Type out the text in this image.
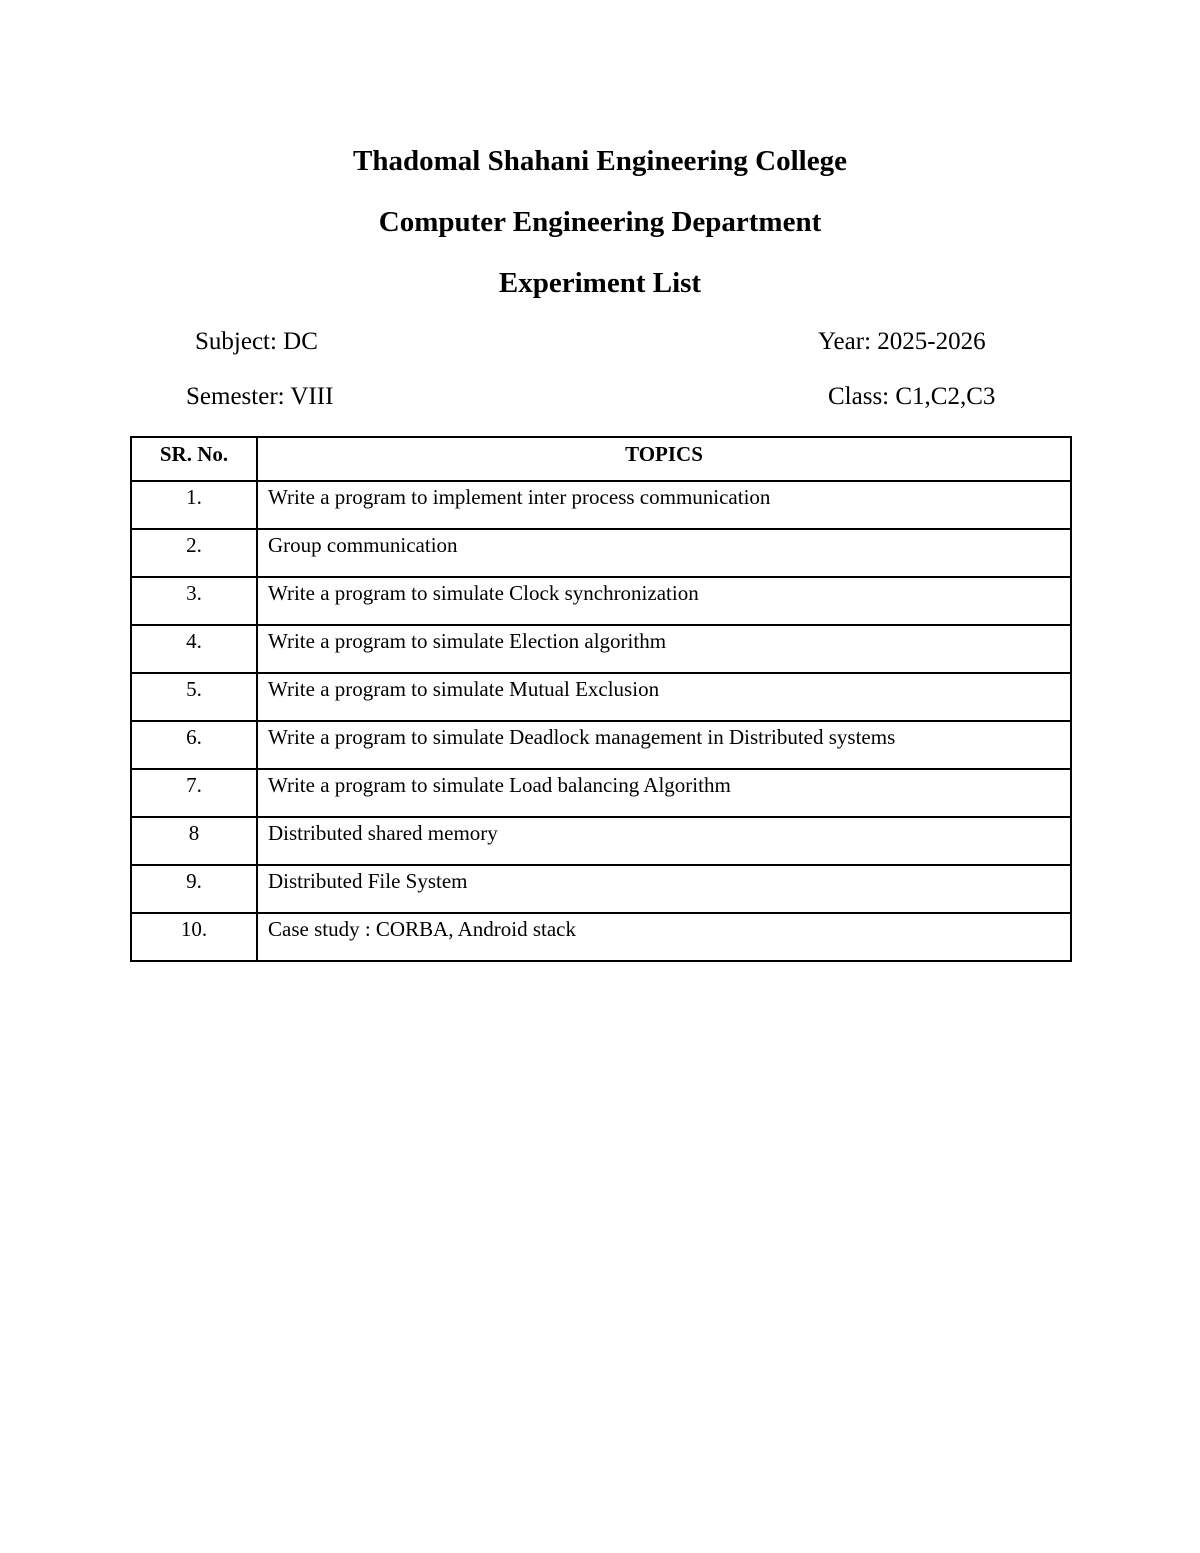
Thadomal Shahani Engineering College
Computer Engineering Department
Experiment List
Subject: DC	Year: 2025-2026
Semester: VIII	Class: C1,C2,C3
SR. No.	TOPICS
1.	Write a program to implement inter process communication
2.	Group communication
3.	Write a program to simulate Clock synchronization
4.	Write a program to simulate Election algorithm
5.	Write a program to simulate Mutual Exclusion
6.	Write a program to simulate Deadlock management in Distributed systems
7.	Write a program to simulate Load balancing Algorithm
8	Distributed shared memory
9.	Distributed File System
10.	Case study : CORBA, Android stack
